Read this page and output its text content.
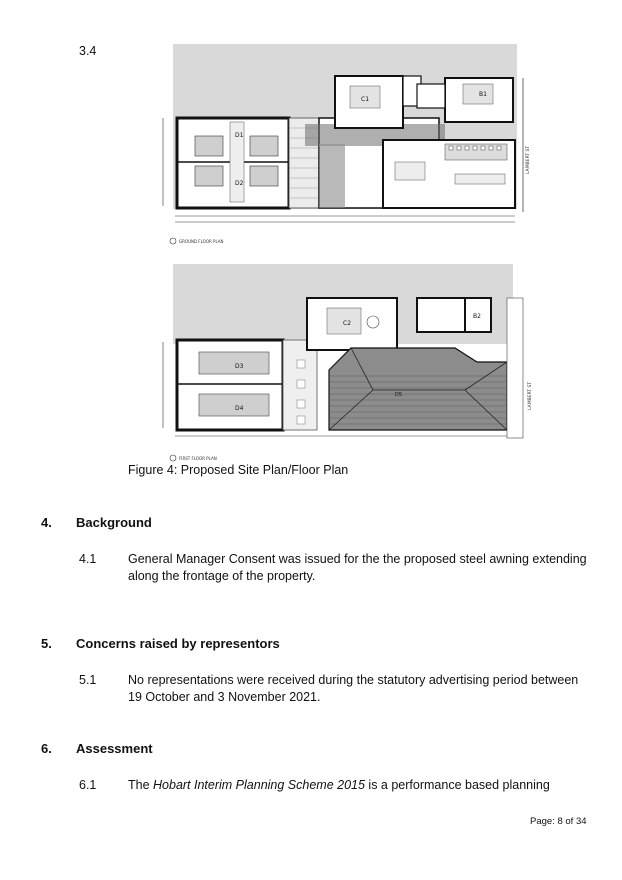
3.4
D1
D2
C1
B1
LAMBERT ST
GROUND FLOOR PLAN
D3
D4
C2
B2
D5	LAMBERT ST
FIRST FLOOR PLAN
Figure 4: Proposed Site Plan/Floor Plan
4. Background
4.1	General Manager Consent was issued for the the proposed steel awning extending
along the frontage of the property.
5. Concerns raised by representors
5.1	No representations were received during the statutory advertising period between
19 October and 3 November 2021.
6. Assessment
6.1	The Hobart Interim Planning Scheme 2015 is a performance based planning
Page: 8 of 34
